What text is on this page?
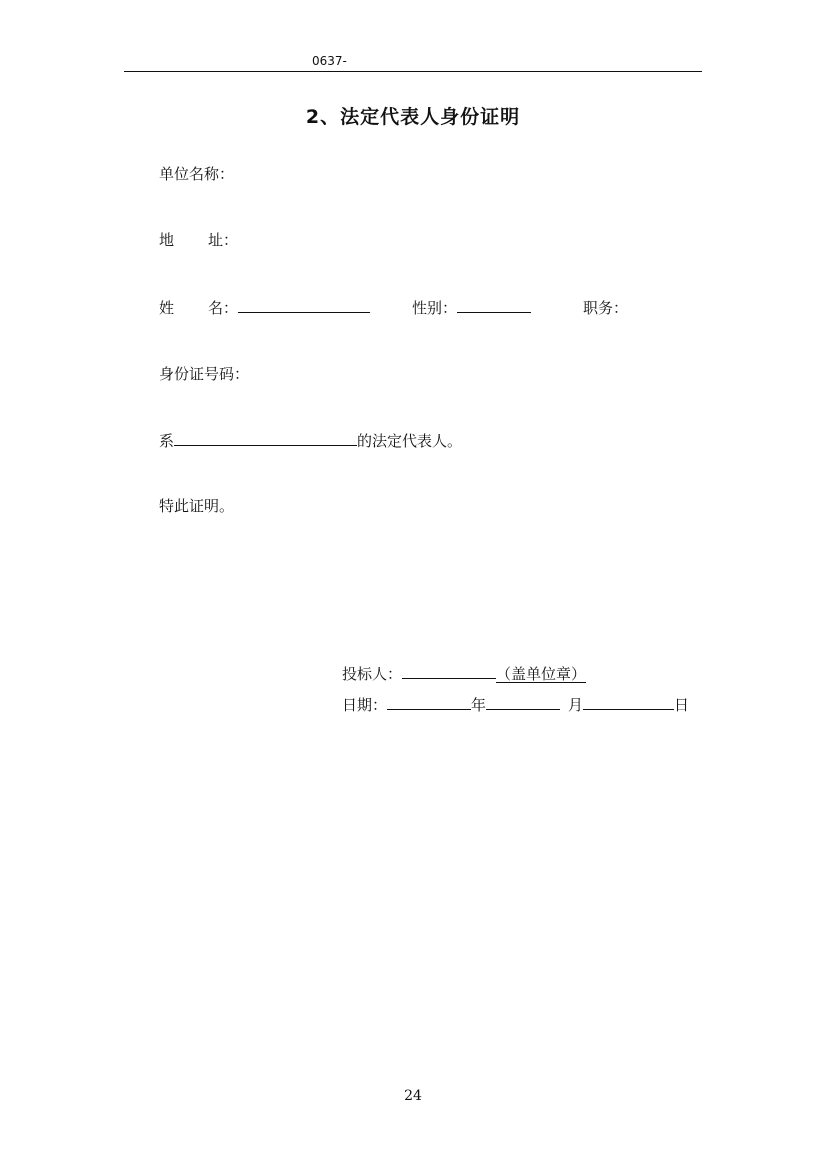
0637-
2、法定代表人身份证明
单位名称：
地 址：
姓 名：	性别：	职务：
身份证号码：
系	的法定代表人。
特此证明。
投标人：	（盖单位章）
日期：	年	月	日
24
